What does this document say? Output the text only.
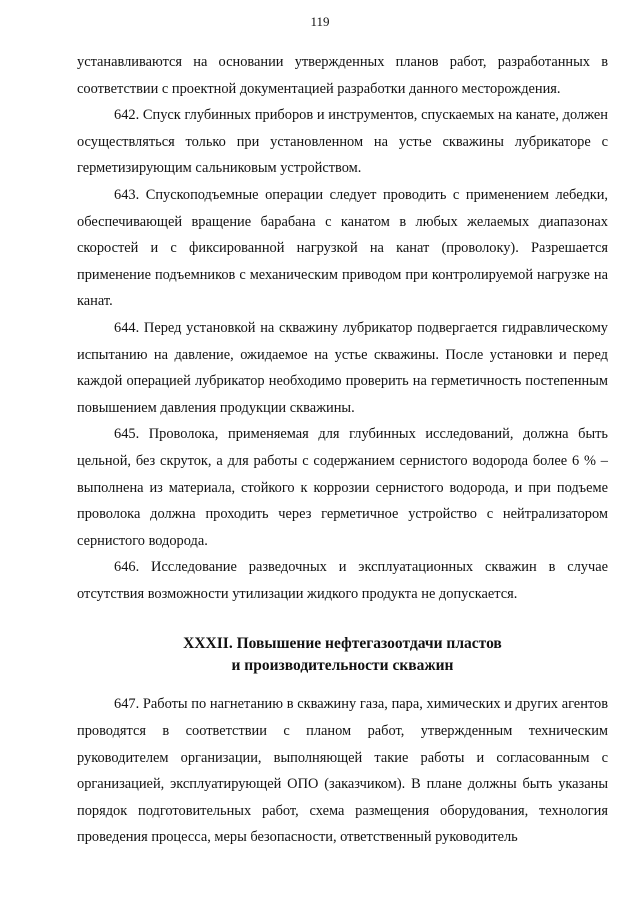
119

устанавливаются на основании утвержденных планов работ, разработанных в соответствии с проектной документацией разработки данного месторождения.

642. Спуск глубинных приборов и инструментов, спускаемых на канате, должен осуществляться только при установленном на устье скважины лубрикаторе с герметизирующим сальниковым устройством.

643. Спускоподъемные операции следует проводить с применением лебедки, обеспечивающей вращение барабана с канатом в любых желаемых диапазонах скоростей и с фиксированной нагрузкой на канат (проволоку). Разрешается применение подъемников с механическим приводом при контролируемой нагрузке на канат.

644. Перед установкой на скважину лубрикатор подвергается гидравлическому испытанию на давление, ожидаемое на устье скважины. После установки и перед каждой операцией лубрикатор необходимо проверить на герметичность постепенным повышением давления продукции скважины.

645. Проволока, применяемая для глубинных исследований, должна быть цельной, без скруток, а для работы с содержанием сернистого водорода более 6 % – выполнена из материала, стойкого к коррозии сернистого водорода, и при подъеме проволока должна проходить через герметичное устройство с нейтрализатором сернистого водорода.

646. Исследование разведочных и эксплуатационных скважин в случае отсутствия возможности утилизации жидкого продукта не допускается.

XXXII. Повышение нефтегазоотдачи пластов
и производительности скважин

647. Работы по нагнетанию в скважину газа, пара, химических и других агентов проводятся в соответствии с планом работ, утвержденным техническим руководителем организации, выполняющей такие работы и согласованным с организацией, эксплуатирующей ОПО (заказчиком). В плане должны быть указаны порядок подготовительных работ, схема размещения оборудования, технология проведения процесса, меры безопасности, ответственный руководитель
